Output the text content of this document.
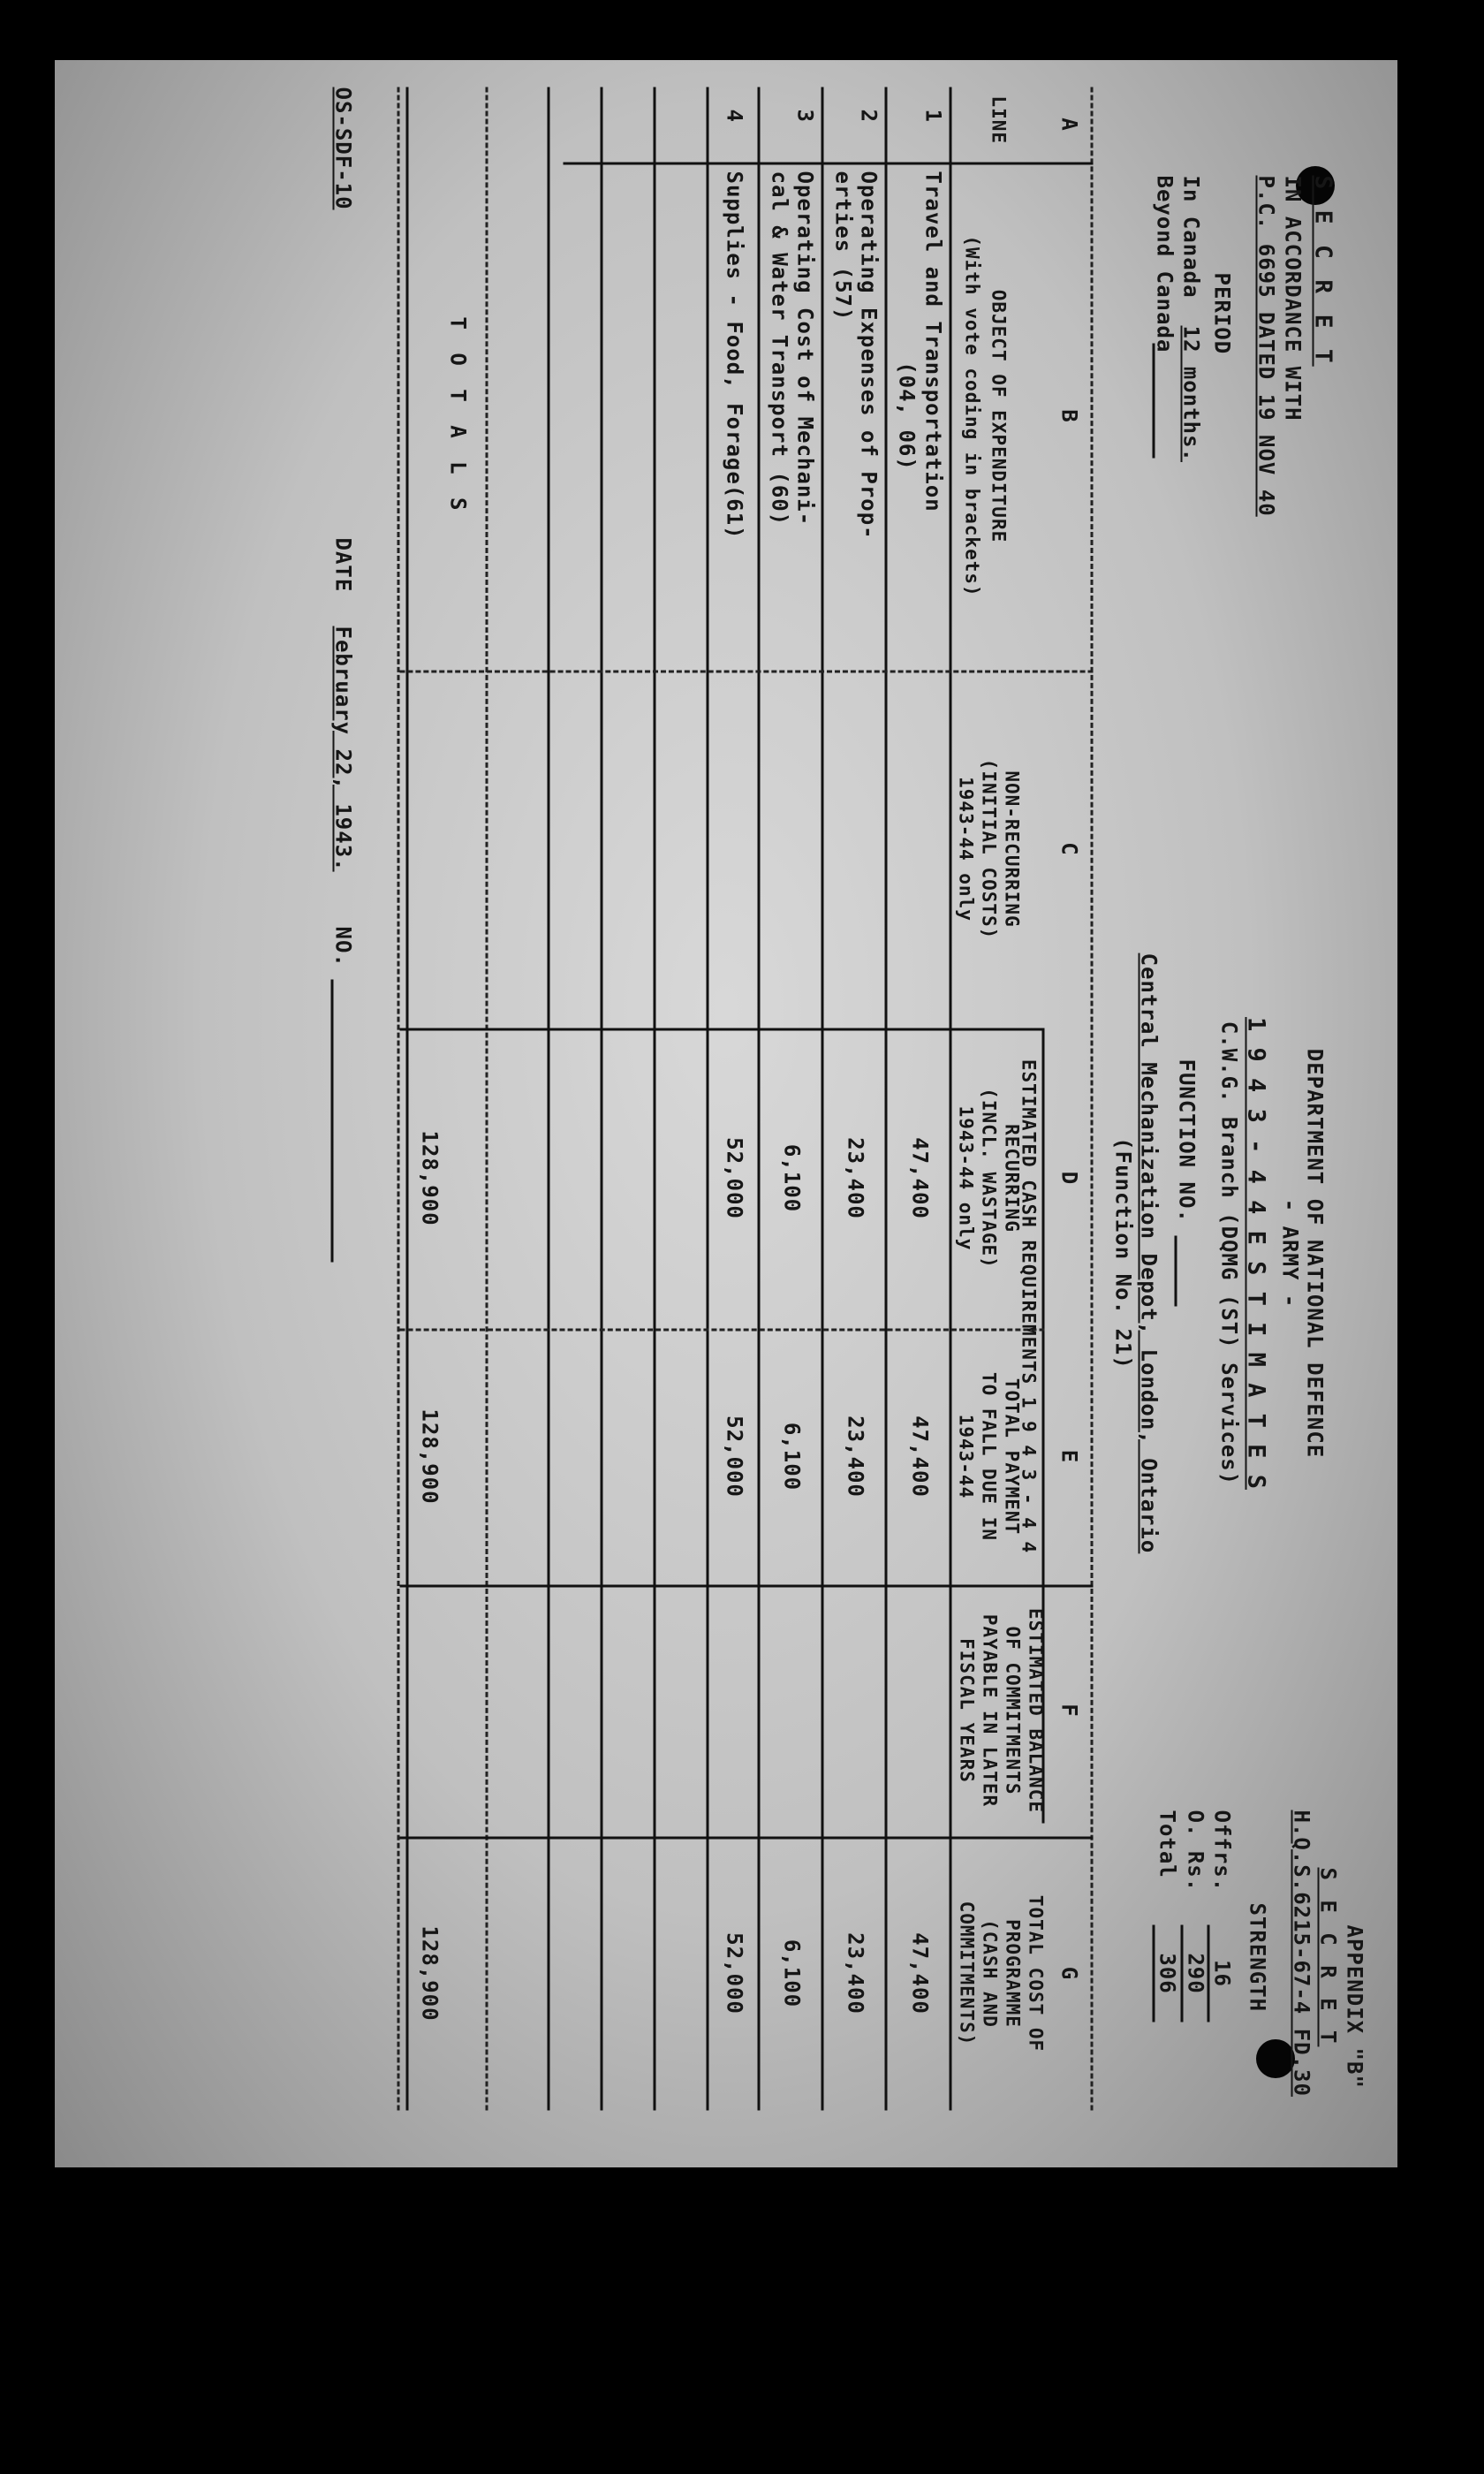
S E C R E T
IN ACCORDANCE WITH
P.C. 6695 DATED 19 NOV 40
PERIOD
In Canada
12 months.
Beyond Canada
DEPARTMENT OF NATIONAL DEFENCE
- ARMY -
1 9 4 3 - 4 4 E S T I M A T E S
C.W.G. Branch (DQMG (ST) Services)
FUNCTION NO.
Central Mechanization Depot, London, Ontario
(Function No. 21)
APPENDIX "B"
S E C R E T
H.Q.S.6215-67-4 FD.30
STRENGTH
Offrs.
16
O. Rs.
290
Total
306
A
B
C
D
E
F
G
ESTIMATED CASH REQUIREMENTS 1 9 4 3 - 4 4
LINE
OBJECT OF EXPENDITURE
(With vote coding in brackets)
NON-RECURRING
(INITIAL COSTS)
1943-44 only
RECURRING
(INCL. WASTAGE)
1943-44 only
TOTAL PAYMENT
TO FALL DUE IN
1943-44
ESTIMATED BALANCE
OF COMMITMENTS
PAYABLE IN LATER
FISCAL YEARS
TOTAL COST OF
PROGRAMME
(CASH AND
COMMITMENTS)
1
Travel and Transportation
(04, 06)
47,400
47,400
47,400
2
Operating Expenses of Prop-
erties (57)
23,400
23,400
23,400
3
Operating Cost of Mechani-
cal & Water Transport (60)
6,100
6,100
6,100
4
Supplies - Food, Forage(61)
52,000
52,000
52,000
T O T A L S
128,900
128,900
128,900
OS-SDF-10
DATE
February 22, 1943.
NO.
